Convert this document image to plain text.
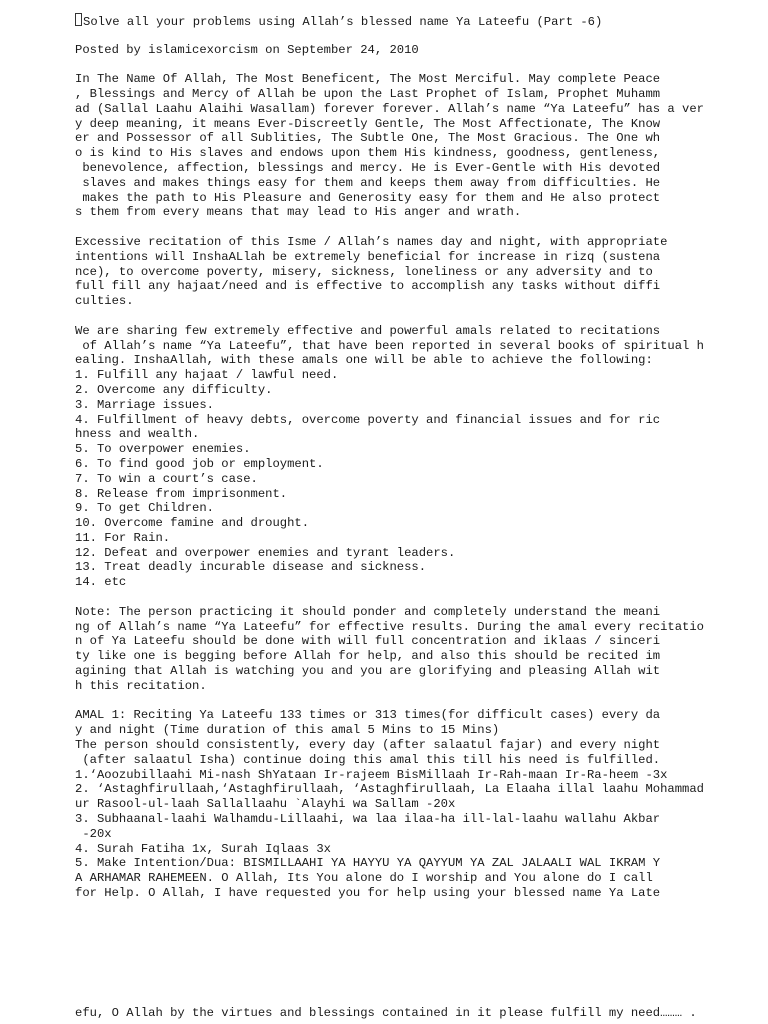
Solve all your problems using Allah’s blessed name Ya Lateefu (Part -6)
Posted by islamicexorcism on September 24, 2010
In The Name Of Allah, The Most Beneficent, The Most Merciful. May complete Peace
, Blessings and Mercy of Allah be upon the Last Prophet of Islam, Prophet Muhamm
ad (Sallal Laahu Alaihi Wasallam) forever forever. Allah’s name “Ya Lateefu” has a ver
y deep meaning, it means Ever-Discreetly Gentle, The Most Affectionate, The Know
er and Possessor of all Sublities, The Subtle One, The Most Gracious. The One wh
o is kind to His slaves and endows upon them His kindness, goodness, gentleness,
benevolence, affection, blessings and mercy. He is Ever-Gentle with His devoted
slaves and makes things easy for them and keeps them away from difficulties. He
makes the path to His Pleasure and Generosity easy for them and He also protect
s them from every means that may lead to His anger and wrath.
Excessive recitation of this Isme / Allah’s names day and night, with appropriate
intentions will InshaALlah be extremely beneficial for increase in rizq (sustena
nce), to overcome poverty, misery, sickness, loneliness or any adversity and to
full fill any hajaat/need and is effective to accomplish any tasks without diffi
culties.
We are sharing few extremely effective and powerful amals related to recitations
of Allah’s name “Ya Lateefu”, that have been reported in several books of spiritual h
ealing. InshaAllah, with these amals one will be able to achieve the following:
1. Fulfill any hajaat / lawful need.
2. Overcome any difficulty.
3. Marriage issues.
4. Fulfillment of heavy debts, overcome poverty and financial issues and for ric
hness and wealth.
5. To overpower enemies.
6. To find good job or employment.
7. To win a court’s case.
8. Release from imprisonment.
9. To get Children.
10. Overcome famine and drought.
11. For Rain.
12. Defeat and overpower enemies and tyrant leaders.
13. Treat deadly incurable disease and sickness.
14. etc
Note: The person practicing it should ponder and completely understand the meani
ng of Allah’s name “Ya Lateefu” for effective results. During the amal every recitatio
n of Ya Lateefu should be done with will full concentration and iklaas / sinceri
ty like one is begging before Allah for help, and also this should be recited im
agining that Allah is watching you and you are glorifying and pleasing Allah wit
h this recitation.
AMAL 1: Reciting Ya Lateefu 133 times or 313 times(for difficult cases) every da
y and night (Time duration of this amal 5 Mins to 15 Mins)
The person should consistently, every day (after salaatul fajar) and every night
(after salaatul Isha) continue doing this amal this till his need is fulfilled.
1.‘Aoozubillaahi Mi-nash ShYataan Ir-rajeem BisMillaah Ir-Rah-maan Ir-Ra-heem -3x
2. ‘Astaghfirullaah,‘Astaghfirullaah, ‘Astaghfirullaah, La Elaaha illal laahu Mohammad
ur Rasool-ul-laah Sallallaahu `Alayhi wa Sallam -20x
3. Subhaanal-laahi Walhamdu-Lillaahi, wa laa ilaa-ha ill-lal-laahu wallahu Akbar
-20x
4. Surah Fatiha 1x, Surah Iqlaas 3x
5. Make Intention/Dua: BISMILLAAHI YA HAYYU YA QAYYUM YA ZAL JALAALI WAL IKRAM Y
A ARHAMAR RAHEMEEN. O Allah, Its You alone do I worship and You alone do I call
for Help. O Allah, I have requested you for help using your blessed name Ya Late
efu, O Allah by the virtues and blessings contained in it please fulfill my need……… .
